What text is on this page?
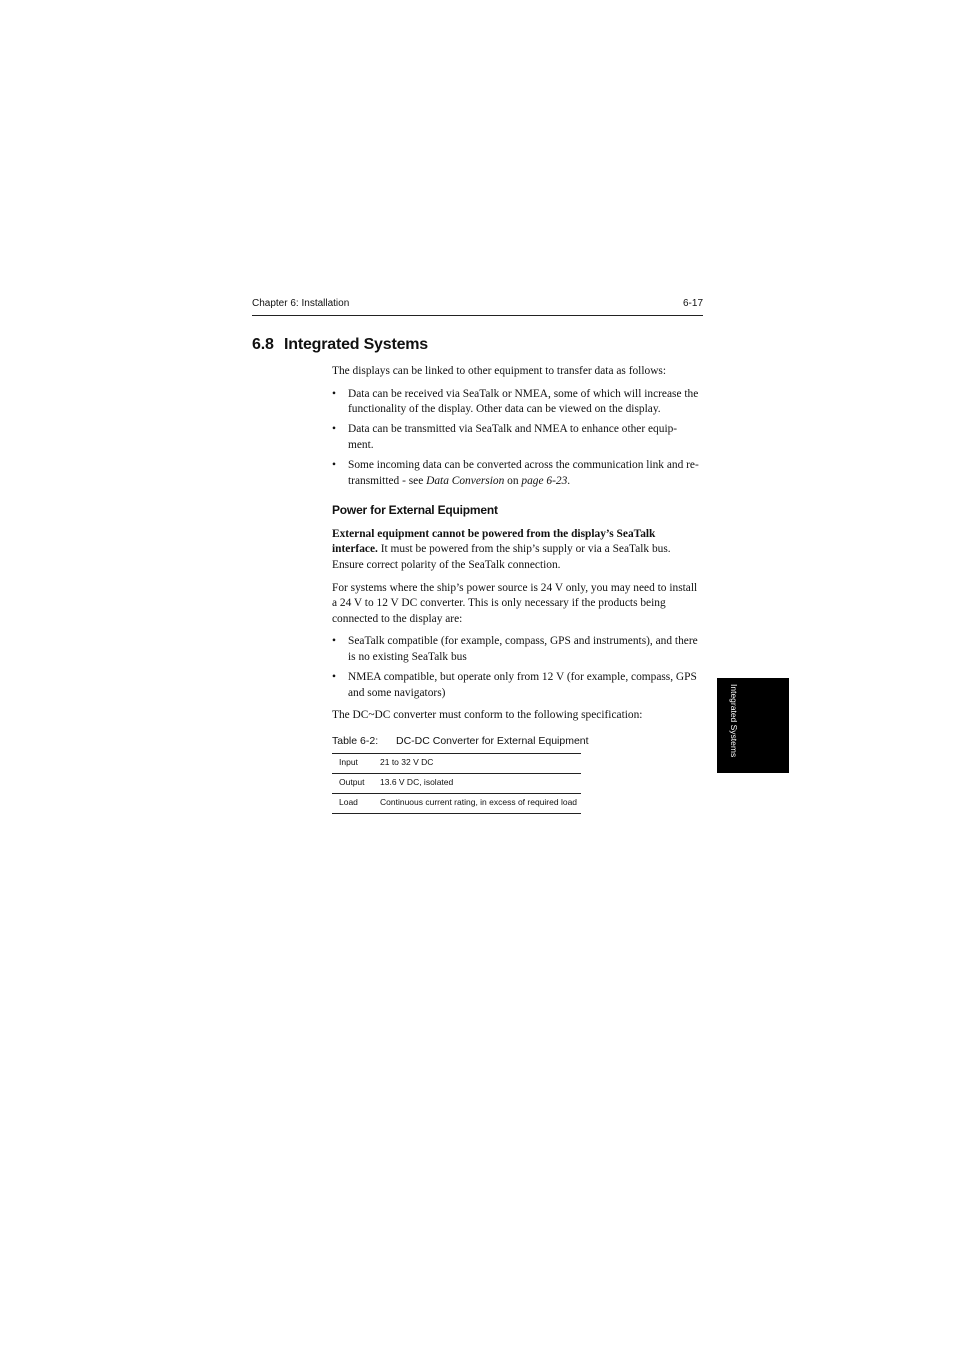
Chapter 6: Installation	6-17
6.8 Integrated Systems

The displays can be linked to other equipment to transfer data as follows:

• Data can be received via SeaTalk or NMEA, some of which will increase the functionality of the display. Other data can be viewed on the display.
• Data can be transmitted via SeaTalk and NMEA to enhance other equip-ment.
• Some incoming data can be converted across the communication link and re-transmitted - see Data Conversion on page 6-23.
Power for External Equipment

External equipment cannot be powered from the display’s SeaTalk interface. It must be powered from the ship’s supply or via a SeaTalk bus. Ensure correct polarity of the SeaTalk connection.

For systems where the ship’s power source is 24 V only, you may need to install a 24 V to 12 V DC converter. This is only necessary if the products being connected to the display are:

• SeaTalk compatible (for example, compass, GPS and instruments), and there is no existing SeaTalk bus
• NMEA compatible, but operate only from 12 V (for example, compass, GPS and some navigators)

The DC~DC converter must conform to the following specification:

Table 6-2: DC-DC Converter for External Equipment
Input	21 to 32 V DC
Output	13.6 V DC, isolated
Load	Continuous current rating, in excess of required load
Integrated Systems
